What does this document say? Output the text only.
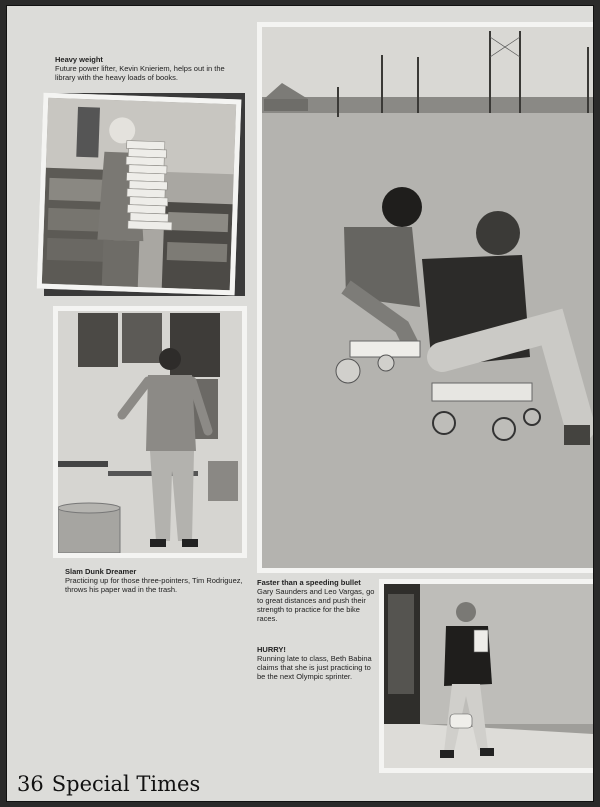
Heavy weight
Future power lifter, Kevin Knieriem, helps out in the library with the heavy loads of books.
Slam Dunk Dreamer
Practicing up for those three-pointers, Tim Rodriguez, throws his paper wad in the trash.
Faster than a speeding bullet
Gary Saunders and Leo Vargas, go to great distances and push their strength to practice for the bike races.
HURRY!
Running late to class, Beth Babina claims that she is just practicing to be the next Olympic sprinter.
36 Special Times
